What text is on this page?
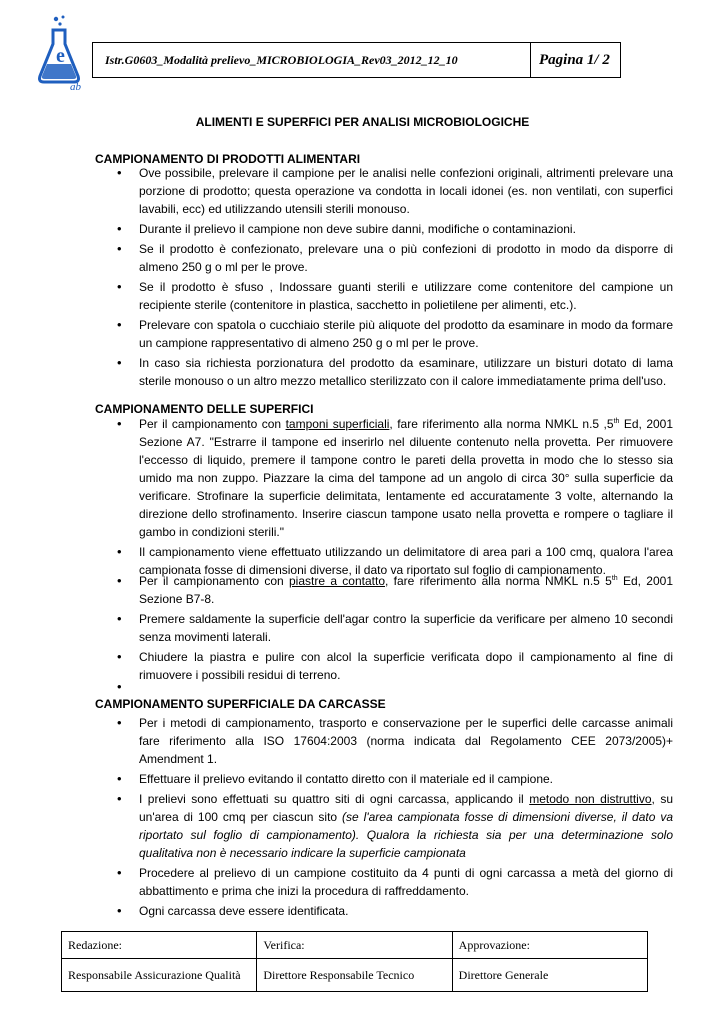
e
ab
Istr.G0603_Modalità prelievo_MICROBIOLOGIA_Rev03_2012_12_10	Pagina 1/ 2
ALIMENTI E SUPERFICI PER ANALISI MICROBIOLOGICHE
CAMPIONAMENTO DI PRODOTTI ALIMENTARI
• Ove possibile, prelevare il campione per le analisi nelle confezioni originali, altrimenti prelevare una porzione di prodotto; questa operazione va condotta in locali idonei (es. non ventilati, con superfici lavabili, ecc) ed utilizzando utensili sterili monouso.
• Durante il prelievo il campione non deve subire danni, modifiche o contaminazioni.
• Se il prodotto è confezionato, prelevare una o più confezioni di prodotto in modo da disporre di almeno 250 g o ml per le prove.
• Se il prodotto è sfuso , Indossare guanti sterili e utilizzare come contenitore del campione un recipiente sterile (contenitore in plastica, sacchetto in polietilene per alimenti, etc.).
• Prelevare con spatola o cucchiaio sterile più aliquote del prodotto da esaminare in modo da formare un campione rappresentativo di almeno 250 g o ml per le prove.
• In caso sia richiesta porzionatura del prodotto da esaminare, utilizzare un bisturi dotato di lama sterile monouso o un altro mezzo metallico sterilizzato con il calore immediatamente prima dell'uso.
CAMPIONAMENTO DELLE SUPERFICI
• Per il campionamento con tamponi superficiali, fare riferimento alla norma NMKL n.5 ,5th Ed, 2001 Sezione A7. "Estrarre il tampone ed inserirlo nel diluente contenuto nella provetta. Per rimuovere l'eccesso di liquido, premere il tampone contro le pareti della provetta in modo che lo stesso sia umido ma non zuppo. Piazzare la cima del tampone ad un angolo di circa 30° sulla superficie da verificare. Strofinare la superficie delimitata, lentamente ed accuratamente 3 volte, alternando la direzione dello strofinamento. Inserire ciascun tampone usato nella provetta e rompere o tagliare il gambo in condizioni sterili."
• Il campionamento viene effettuato utilizzando un delimitatore di area pari a 100 cmq, qualora l'area campionata fosse di dimensioni diverse, il dato va riportato sul foglio di campionamento.
• Per il campionamento con piastre a contatto, fare riferimento alla norma NMKL n.5 5th Ed, 2001 Sezione B7-8.
• Premere saldamente la superficie dell'agar contro la superficie da verificare per almeno 10 secondi senza movimenti laterali.
• Chiudere la piastra e pulire con alcol la superficie verificata dopo il campionamento al fine di rimuovere i possibili residui di terreno.
•
CAMPIONAMENTO SUPERFICIALE DA CARCASSE
• Per i metodi di campionamento, trasporto e conservazione per le superfici delle carcasse animali fare riferimento alla ISO 17604:2003 (norma indicata dal Regolamento CEE 2073/2005)+ Amendment 1.
• Effettuare il prelievo evitando il contatto diretto con il materiale ed il campione.
• I prelievi sono effettuati su quattro siti di ogni carcassa, applicando il metodo non distruttivo, su un'area di 100 cmq per ciascun sito (se l'area campionata fosse di dimensioni diverse, il dato va riportato sul foglio di campionamento). Qualora la richiesta sia per una determinazione solo qualitativa non è necessario indicare la superficie campionata
• Procedere al prelievo di un campione costituito da 4 punti di ogni carcassa a metà del giorno di abbattimento e prima che inizi la procedura di raffreddamento.
• Ogni carcassa deve essere identificata.
Redazione:	Verifica:	Approvazione:
Responsabile Assicurazione Qualità	Direttore Responsabile Tecnico	Direttore Generale
